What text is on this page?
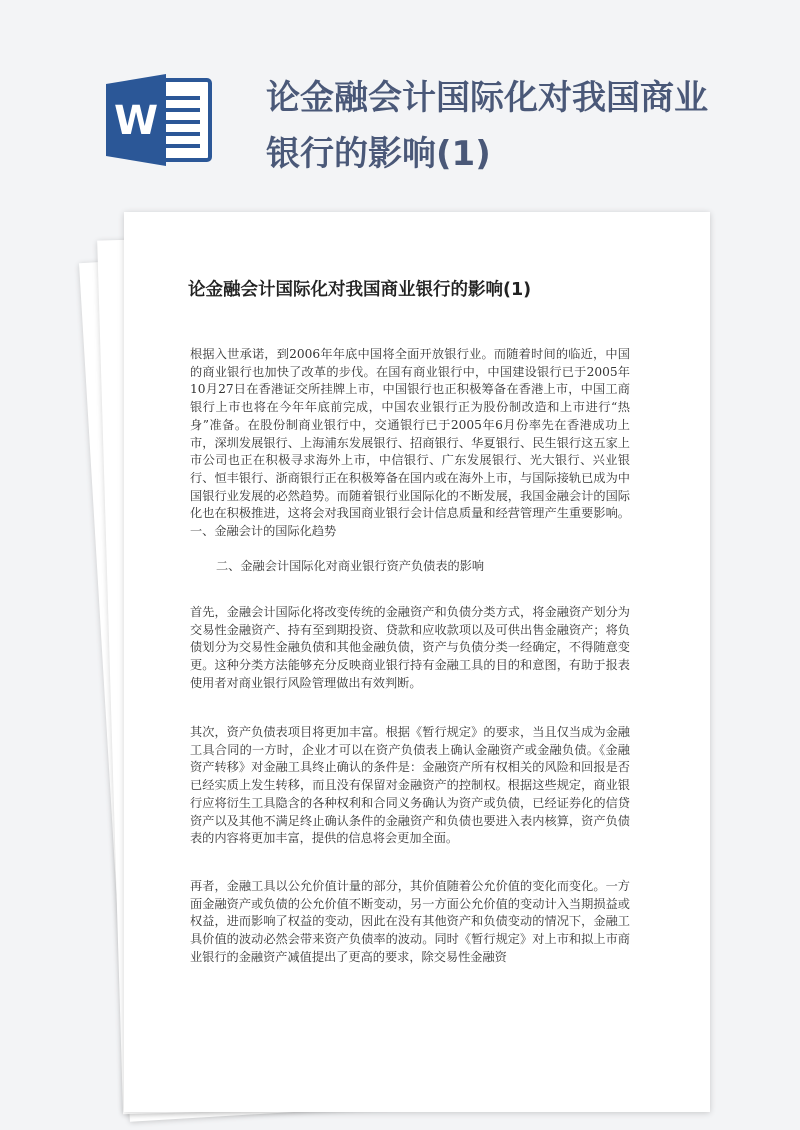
W	论金融会计国际化对我国商业银行的影响(1)
论金融会计国际化对我国商业银行的影响(1)

根据入世承诺，到2006年年底中国将全面开放银行业。而随着时间的临近，中国的商业银行也加快了改革的步伐。在国有商业银行中，中国建设银行已于2005年10月27日在香港证交所挂牌上市，中国银行也正积极筹备在香港上市，中国工商银行上市也将在今年年底前完成，中国农业银行正为股份制改造和上市进行“热身”准备。在股份制商业银行中，交通银行已于2005年6月份率先在香港成功上市，深圳发展银行、上海浦东发展银行、招商银行、华夏银行、民生银行这五家上市公司也正在积极寻求海外上市，中信银行、广东发展银行、光大银行、兴业银行、恒丰银行、浙商银行正在积极筹备在国内或在海外上市，与国际接轨已成为中国银行业发展的必然趋势。而随着银行业国际化的不断发展，我国金融会计的国际化也在积极推进，这将会对我国商业银行会计信息质量和经营管理产生重要影响。 一、金融会计的国际化趋势

二、金融会计国际化对商业银行资产负债表的影响

首先，金融会计国际化将改变传统的金融资产和负债分类方式，将金融资产划分为交易性金融资产、持有至到期投资、贷款和应收款项以及可供出售金融资产；将负债划分为交易性金融负债和其他金融负债，资产与负债分类一经确定，不得随意变更。这种分类方法能够充分反映商业银行持有金融工具的目的和意图，有助于报表使用者对商业银行风险管理做出有效判断。

其次，资产负债表项目将更加丰富。根据《暂行规定》的要求，当且仅当成为金融工具合同的一方时，企业才可以在资产负债表上确认金融资产或金融负债。《金融资产转移》对金融工具终止确认的条件是：金融资产所有权相关的风险和回报是否已经实质上发生转移，而且没有保留对金融资产的控制权。根据这些规定，商业银行应将衍生工具隐含的各种权利和合同义务确认为资产或负债，已经证券化的信贷资产以及其他不满足终止确认条件的金融资产和负债也要进入表内核算，资产负债表的内容将更加丰富，提供的信息将会更加全面。

再者，金融工具以公允价值计量的部分，其价值随着公允价值的变化而变化。一方面金融资产或负债的公允价值不断变动，另一方面公允价值的变动计入当期损益或权益，进而影响了权益的变动，因此在没有其他资产和负债变动的情况下，金融工具价值的波动必然会带来资产负债率的波动。同时《暂行规定》对上市和拟上市商业银行的金融资产减值提出了更高的要求，除交易性金融资
